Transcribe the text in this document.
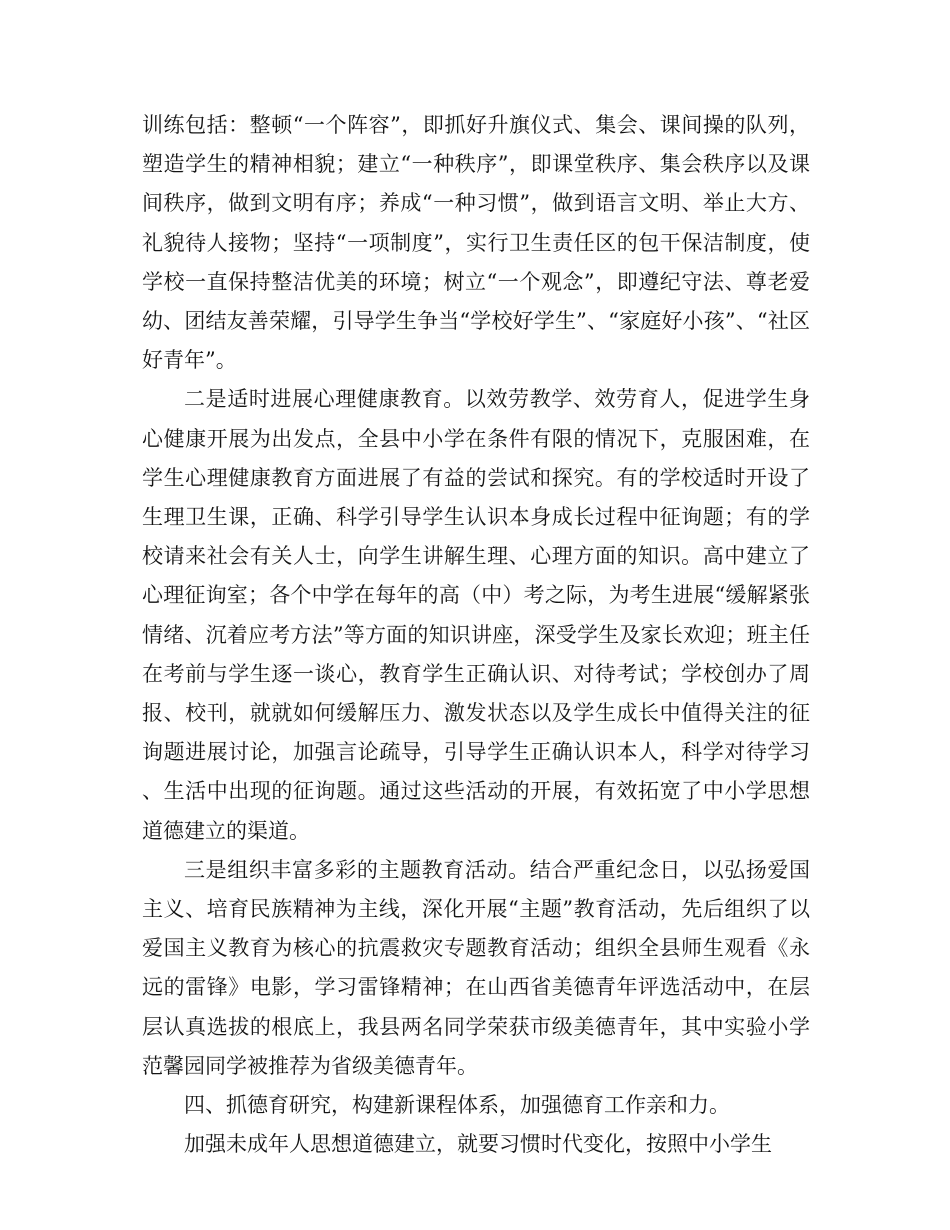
训练包括：整顿“一个阵容”，即抓好升旗仪式、集会、课间操的队列，塑造学生的精神相貌；建立“一种秩序”，即课堂秩序、集会秩序以及课间秩序，做到文明有序；养成“一种习惯”，做到语言文明、举止大方、礼貌待人接物；坚持“一项制度”，实行卫生责任区的包干保洁制度，使学校一直保持整洁优美的环境；树立“一个观念”，即遵纪守法、尊老爱幼、团结友善荣耀，引导学生争当“学校好学生”、“家庭好小孩”、“社区好青年”。

二是适时进展心理健康教育。以效劳教学、效劳育人，促进学生身心健康开展为出发点，全县中小学在条件有限的情况下，克服困难，在学生心理健康教育方面进展了有益的尝试和探究。有的学校适时开设了生理卫生课，正确、科学引导学生认识本身成长过程中征询题；有的学校请来社会有关人士，向学生讲解生理、心理方面的知识。高中建立了心理征询室；各个中学在每年的高（中）考之际，为考生进展“缓解紧张情绪、沉着应考方法”等方面的知识讲座，深受学生及家长欢迎；班主任在考前与学生逐一谈心，教育学生正确认识、对待考试；学校创办了周报、校刊，就就如何缓解压力、激发状态以及学生成长中值得关注的征询题进展讨论，加强言论疏导，引导学生正确认识本人，科学对待学习、生活中出现的征询题。通过这些活动的开展，有效拓宽了中小学思想道德建立的渠道。

三是组织丰富多彩的主题教育活动。结合严重纪念日，以弘扬爱国主义、培育民族精神为主线，深化开展“主题”教育活动，先后组织了以爱国主义教育为核心的抗震救灾专题教育活动；组织全县师生观看《永远的雷锋》电影，学习雷锋精神；在山西省美德青年评选活动中，在层层认真选拔的根底上，我县两名同学荣获市级美德青年，其中实验小学范馨园同学被推荐为省级美德青年。

四、抓德育研究，构建新课程体系，加强德育工作亲和力。

加强未成年人思想道德建立，就要习惯时代变化，按照中小学生
